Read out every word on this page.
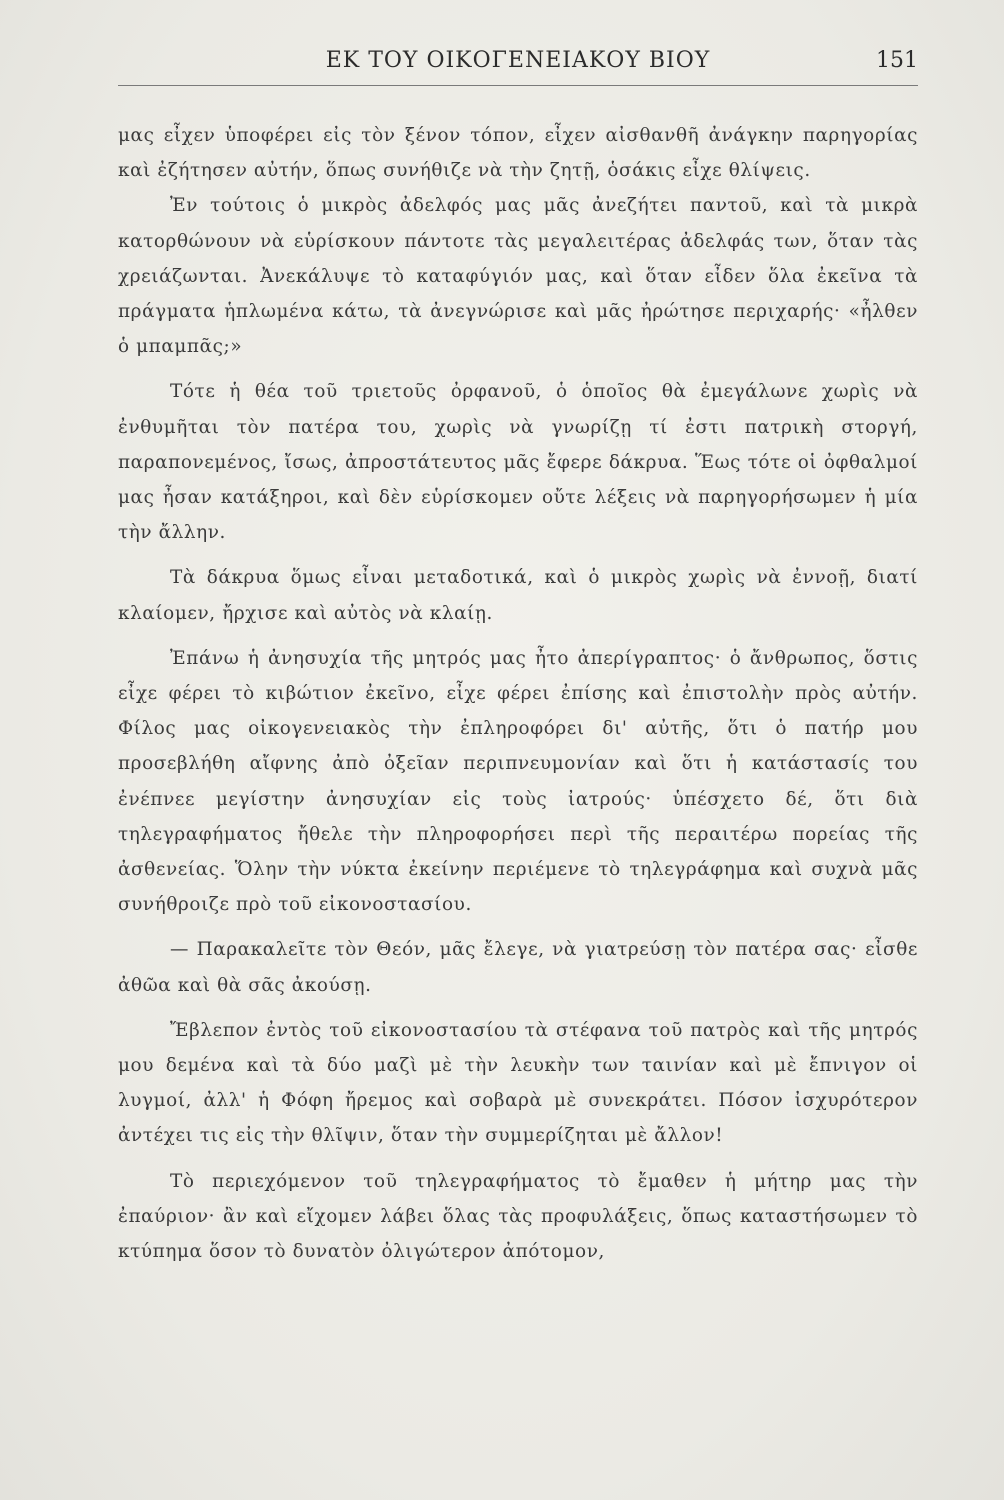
ΕΚ ΤΟΥ ΟΙΚΟΓΕΝΕΙΑΚΟΥ ΒΙΟΥ	151

μας εἶχεν ὑποφέρει εἰς τὸν ξένον τόπον, εἶχεν αἰσθανθῆ ἀνάγκην παρηγορίας καὶ ἐζήτησεν αὐτήν, ὅπως συνήθιζε νὰ τὴν ζητῇ, ὁσάκις εἶχε θλίψεις.

Ἐν τούτοις ὁ μικρὸς ἀδελφός μας μᾶς ἀνεζήτει παντοῦ, καὶ τὰ μικρὰ κατορθώνουν νὰ εὑρίσκουν πάντοτε τὰς μεγαλειτέρας ἀδελφάς των, ὅταν τὰς χρειάζωνται. Ἀνεκάλυψε τὸ καταφύγιόν μας, καὶ ὅταν εἶδεν ὅλα ἐκεῖνα τὰ πράγματα ἡπλωμένα κάτω, τὰ ἀνεγνώρισε καὶ μᾶς ἠρώτησε περιχαρής· «ἦλθεν ὁ μπαμπᾶς;»

Τότε ἡ θέα τοῦ τριετοῦς ὀρφανοῦ, ὁ ὁποῖος θὰ ἐμεγάλωνε χωρὶς νὰ ἐνθυμῆται τὸν πατέρα του, χωρὶς νὰ γνωρίζῃ τί ἐστι πατρικὴ στοργή, παραπονεμένος, ἴσως, ἀπροστάτευτος μᾶς ἔφερε δάκρυα. Ἕως τότε οἱ ὀφθαλμοί μας ἦσαν κατάξηροι, καὶ δὲν εὑρίσκομεν οὔτε λέξεις νὰ παρηγορήσωμεν ἡ μία τὴν ἄλλην.

Τὰ δάκρυα ὅμως εἶναι μεταδοτικά, καὶ ὁ μικρὸς χωρὶς νὰ ἐννοῇ, διατί κλαίομεν, ἤρχισε καὶ αὐτὸς νὰ κλαίῃ.

Ἐπάνω ἡ ἀνησυχία τῆς μητρός μας ἦτο ἀπερίγραπτος· ὁ ἄνθρωπος, ὅστις εἶχε φέρει τὸ κιβώτιον ἐκεῖνο, εἶχε φέρει ἐπίσης καὶ ἐπιστολὴν πρὸς αὐτήν. Φίλος μας οἰκογενειακὸς τὴν ἐπληροφόρει δι' αὐτῆς, ὅτι ὁ πατήρ μου προσεβλήθη αἴφνης ἀπὸ ὀξεῖαν περιπνευμονίαν καὶ ὅτι ἡ κατάστασίς του ἐνέπνεε μεγίστην ἀνησυχίαν εἰς τοὺς ἰατρούς· ὑπέσχετο δέ, ὅτι διὰ τηλεγραφήματος ἤθελε τὴν πληροφορήσει περὶ τῆς περαιτέρω πορείας τῆς ἀσθενείας. Ὅλην τὴν νύκτα ἐκείνην περιέμενε τὸ τηλεγράφημα καὶ συχνὰ μᾶς συνήθροιζε πρὸ τοῦ εἰκονοστασίου.

— Παρακαλεῖτε τὸν Θεόν, μᾶς ἔλεγε, νὰ γιατρεύσῃ τὸν πατέρα σας· εἶσθε ἀθῶα καὶ θὰ σᾶς ἀκούσῃ.

Ἔβλεπον ἐντὸς τοῦ εἰκονοστασίου τὰ στέφανα τοῦ πατρὸς καὶ τῆς μητρός μου δεμένα καὶ τὰ δύο μαζὶ μὲ τὴν λευκὴν των ταινίαν καὶ μὲ ἔπνιγον οἱ λυγμοί, ἀλλ' ἡ Φόφη ἤρεμος καὶ σοβαρὰ μὲ συνεκράτει. Πόσον ἰσχυρότερον ἀντέχει τις εἰς τὴν θλῖψιν, ὅταν τὴν συμμερίζηται μὲ ἄλλον!

Τὸ περιεχόμενον τοῦ τηλεγραφήματος τὸ ἔμαθεν ἡ μήτηρ μας τὴν ἐπαύριον· ἂν καὶ εἴχομεν λάβει ὅλας τὰς προφυλάξεις, ὅπως καταστήσωμεν τὸ κτύπημα ὅσον τὸ δυνατὸν ὀλιγώτερον ἀπότομον,
